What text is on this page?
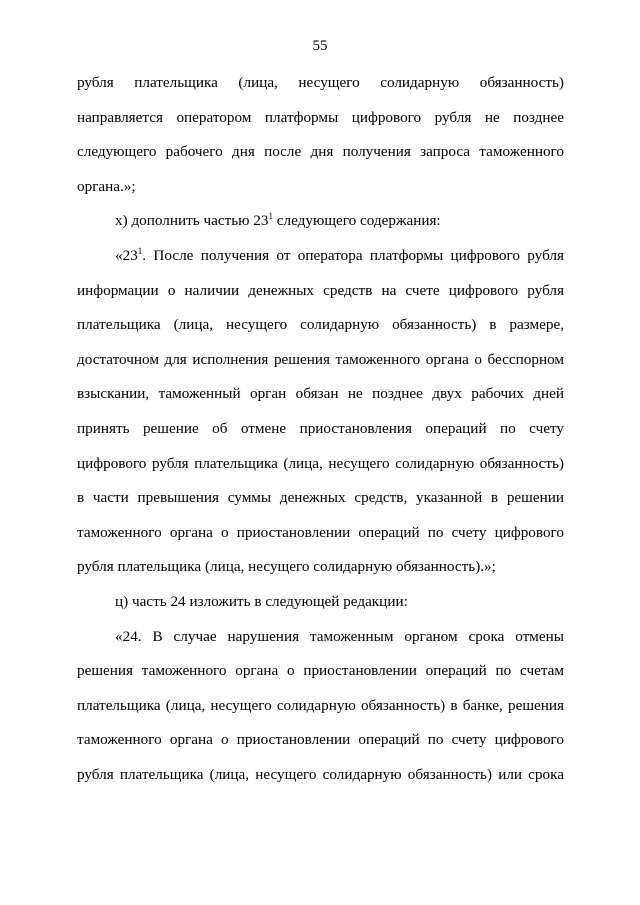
55
рубля плательщика (лица, несущего солидарную обязанность)
направляется оператором платформы цифрового рубля не позднее
следующего рабочего дня после дня получения запроса таможенного
органа.»;
х) дополнить частью $23^1$ следующего содержания:
«$23^1$. После получения от оператора платформы цифрового рубля
информации о наличии денежных средств на счете цифрового рубля
плательщика (лица, несущего солидарную обязанность) в размере,
достаточном для исполнения решения таможенного органа о бесспорном
взыскании, таможенный орган обязан не позднее двух рабочих дней
принять решение об отмене приостановления операций по счету
цифрового рубля плательщика (лица, несущего солидарную обязанность)
в части превышения суммы денежных средств, указанной в решении
таможенного органа о приостановлении операций по счету цифрового
рубля плательщика (лица, несущего солидарную обязанность).»;
ц) часть 24 изложить в следующей редакции:
«24. В случае нарушения таможенным органом срока отмены
решения таможенного органа о приостановлении операций по счетам
плательщика (лица, несущего солидарную обязанность) в банке, решения
таможенного органа о приостановлении операций по счету цифрового
рубля плательщика (лица, несущего солидарную обязанность) или срока
